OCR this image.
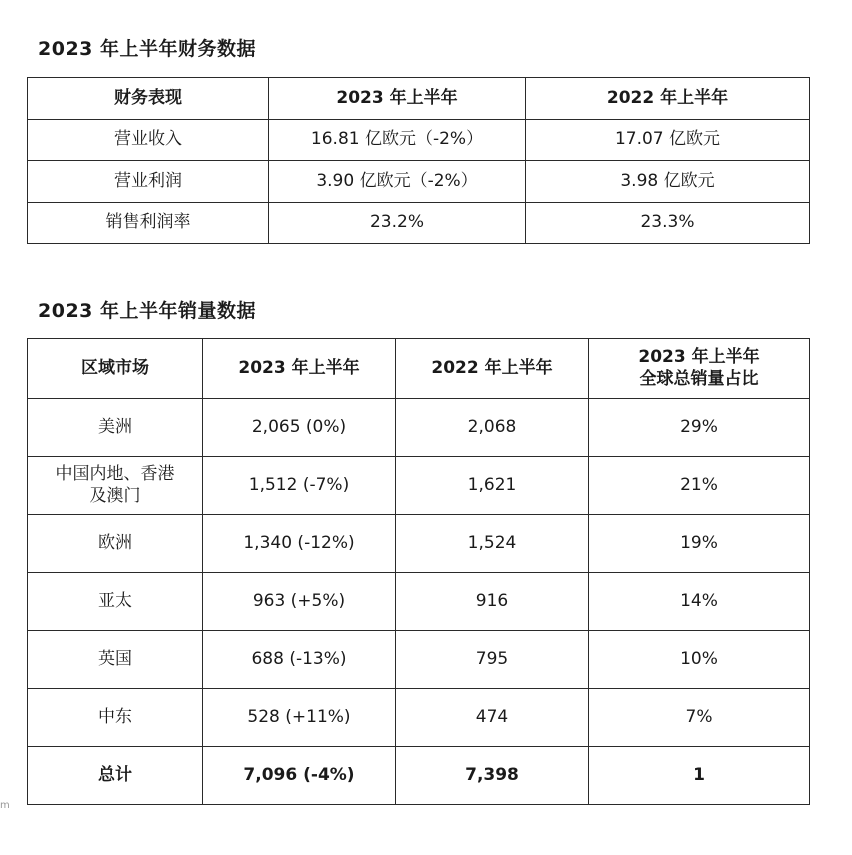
2023 年上半年财务数据
财务表现	2023 年上半年	2022 年上半年
营业收入	16.81 亿欧元（-2%）	17.07 亿欧元
营业利润	3.90 亿欧元（-2%）	3.98 亿欧元
销售利润率	23.2%	23.3%
2023 年上半年销量数据
区域市场	2023 年上半年	2022 年上半年	2023 年上半年
全球总销量占比
美洲	2,065 (0%)	2,068	29%
中国内地、香港
及澳门	1,512 (-7%)	1,621	21%
欧洲	1,340 (-12%)	1,524	19%
亚太	963 (+5%)	916	14%
英国	688 (-13%)	795	10%
中东	528 (+11%)	474	7%
总计	7,096 (-4%)	7,398	1
m
